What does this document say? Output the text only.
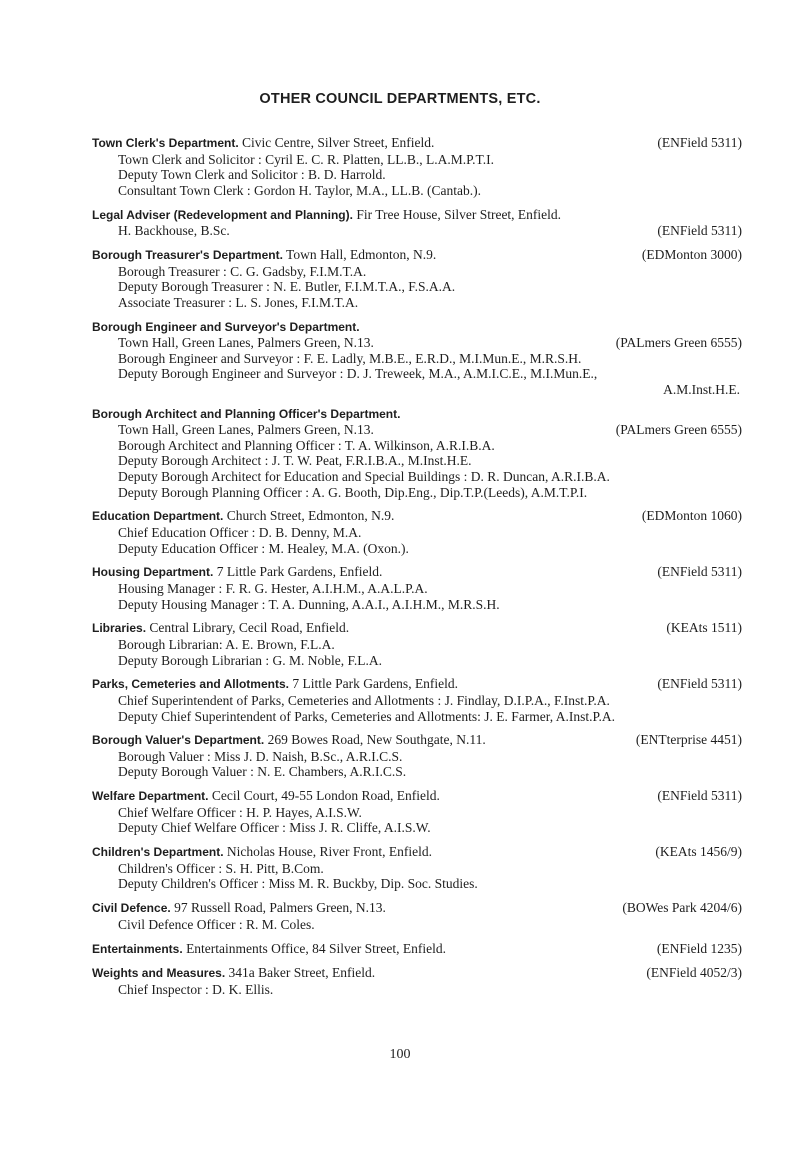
OTHER COUNCIL DEPARTMENTS, ETC.
Town Clerk's Department. Civic Centre, Silver Street, Enfield.	(ENField 5311)
Town Clerk and Solicitor : Cyril E. C. R. Platten, LL.B., L.A.M.P.T.I.
Deputy Town Clerk and Solicitor : B. D. Harrold.
Consultant Town Clerk : Gordon H. Taylor, M.A., LL.B. (Cantab.).
Legal Adviser (Redevelopment and Planning). Fir Tree House, Silver Street, Enfield.
H. Backhouse, B.Sc.	(ENField 5311)
Borough Treasurer's Department. Town Hall, Edmonton, N.9.	(EDMonton 3000)
Borough Treasurer : C. G. Gadsby, F.I.M.T.A.
Deputy Borough Treasurer : N. E. Butler, F.I.M.T.A., F.S.A.A.
Associate Treasurer : L. S. Jones, F.I.M.T.A.
Borough Engineer and Surveyor's Department.
Town Hall, Green Lanes, Palmers Green, N.13.	(PALmers Green 6555)
Borough Engineer and Surveyor : F. E. Ladly, M.B.E., E.R.D., M.I.Mun.E., M.R.S.H.
Deputy Borough Engineer and Surveyor : D. J. Treweek, M.A., A.M.I.C.E., M.I.Mun.E.,
A.M.Inst.H.E.
Borough Architect and Planning Officer's Department.
Town Hall, Green Lanes, Palmers Green, N.13.	(PALmers Green 6555)
Borough Architect and Planning Officer : T. A. Wilkinson, A.R.I.B.A.
Deputy Borough Architect : J. T. W. Peat, F.R.I.B.A., M.Inst.H.E.
Deputy Borough Architect for Education and Special Buildings : D. R. Duncan, A.R.I.B.A.
Deputy Borough Planning Officer : A. G. Booth, Dip.Eng., Dip.T.P.(Leeds), A.M.T.P.I.
Education Department. Church Street, Edmonton, N.9.	(EDMonton 1060)
Chief Education Officer : D. B. Denny, M.A.
Deputy Education Officer : M. Healey, M.A. (Oxon.).
Housing Department. 7 Little Park Gardens, Enfield.	(ENField 5311)
Housing Manager : F. R. G. Hester, A.I.H.M., A.A.L.P.A.
Deputy Housing Manager : T. A. Dunning, A.A.I., A.I.H.M., M.R.S.H.
Libraries. Central Library, Cecil Road, Enfield.	(KEAts 1511)
Borough Librarian: A. E. Brown, F.L.A.
Deputy Borough Librarian : G. M. Noble, F.L.A.
Parks, Cemeteries and Allotments. 7 Little Park Gardens, Enfield.	(ENField 5311)
Chief Superintendent of Parks, Cemeteries and Allotments : J. Findlay, D.I.P.A., F.Inst.P.A.
Deputy Chief Superintendent of Parks, Cemeteries and Allotments: J. E. Farmer, A.Inst.P.A.
Borough Valuer's Department. 269 Bowes Road, New Southgate, N.11.	(ENTterprise 4451)
Borough Valuer : Miss J. D. Naish, B.Sc., A.R.I.C.S.
Deputy Borough Valuer : N. E. Chambers, A.R.I.C.S.
Welfare Department. Cecil Court, 49-55 London Road, Enfield.	(ENField 5311)
Chief Welfare Officer : H. P. Hayes, A.I.S.W.
Deputy Chief Welfare Officer : Miss J. R. Cliffe, A.I.S.W.
Children's Department. Nicholas House, River Front, Enfield.	(KEAts 1456/9)
Children's Officer : S. H. Pitt, B.Com.
Deputy Children's Officer : Miss M. R. Buckby, Dip. Soc. Studies.
Civil Defence. 97 Russell Road, Palmers Green, N.13.	(BOWes Park 4204/6)
Civil Defence Officer : R. M. Coles.
Entertainments. Entertainments Office, 84 Silver Street, Enfield.	(ENField 1235)
Weights and Measures. 341a Baker Street, Enfield.	(ENField 4052/3)
Chief Inspector : D. K. Ellis.
100
